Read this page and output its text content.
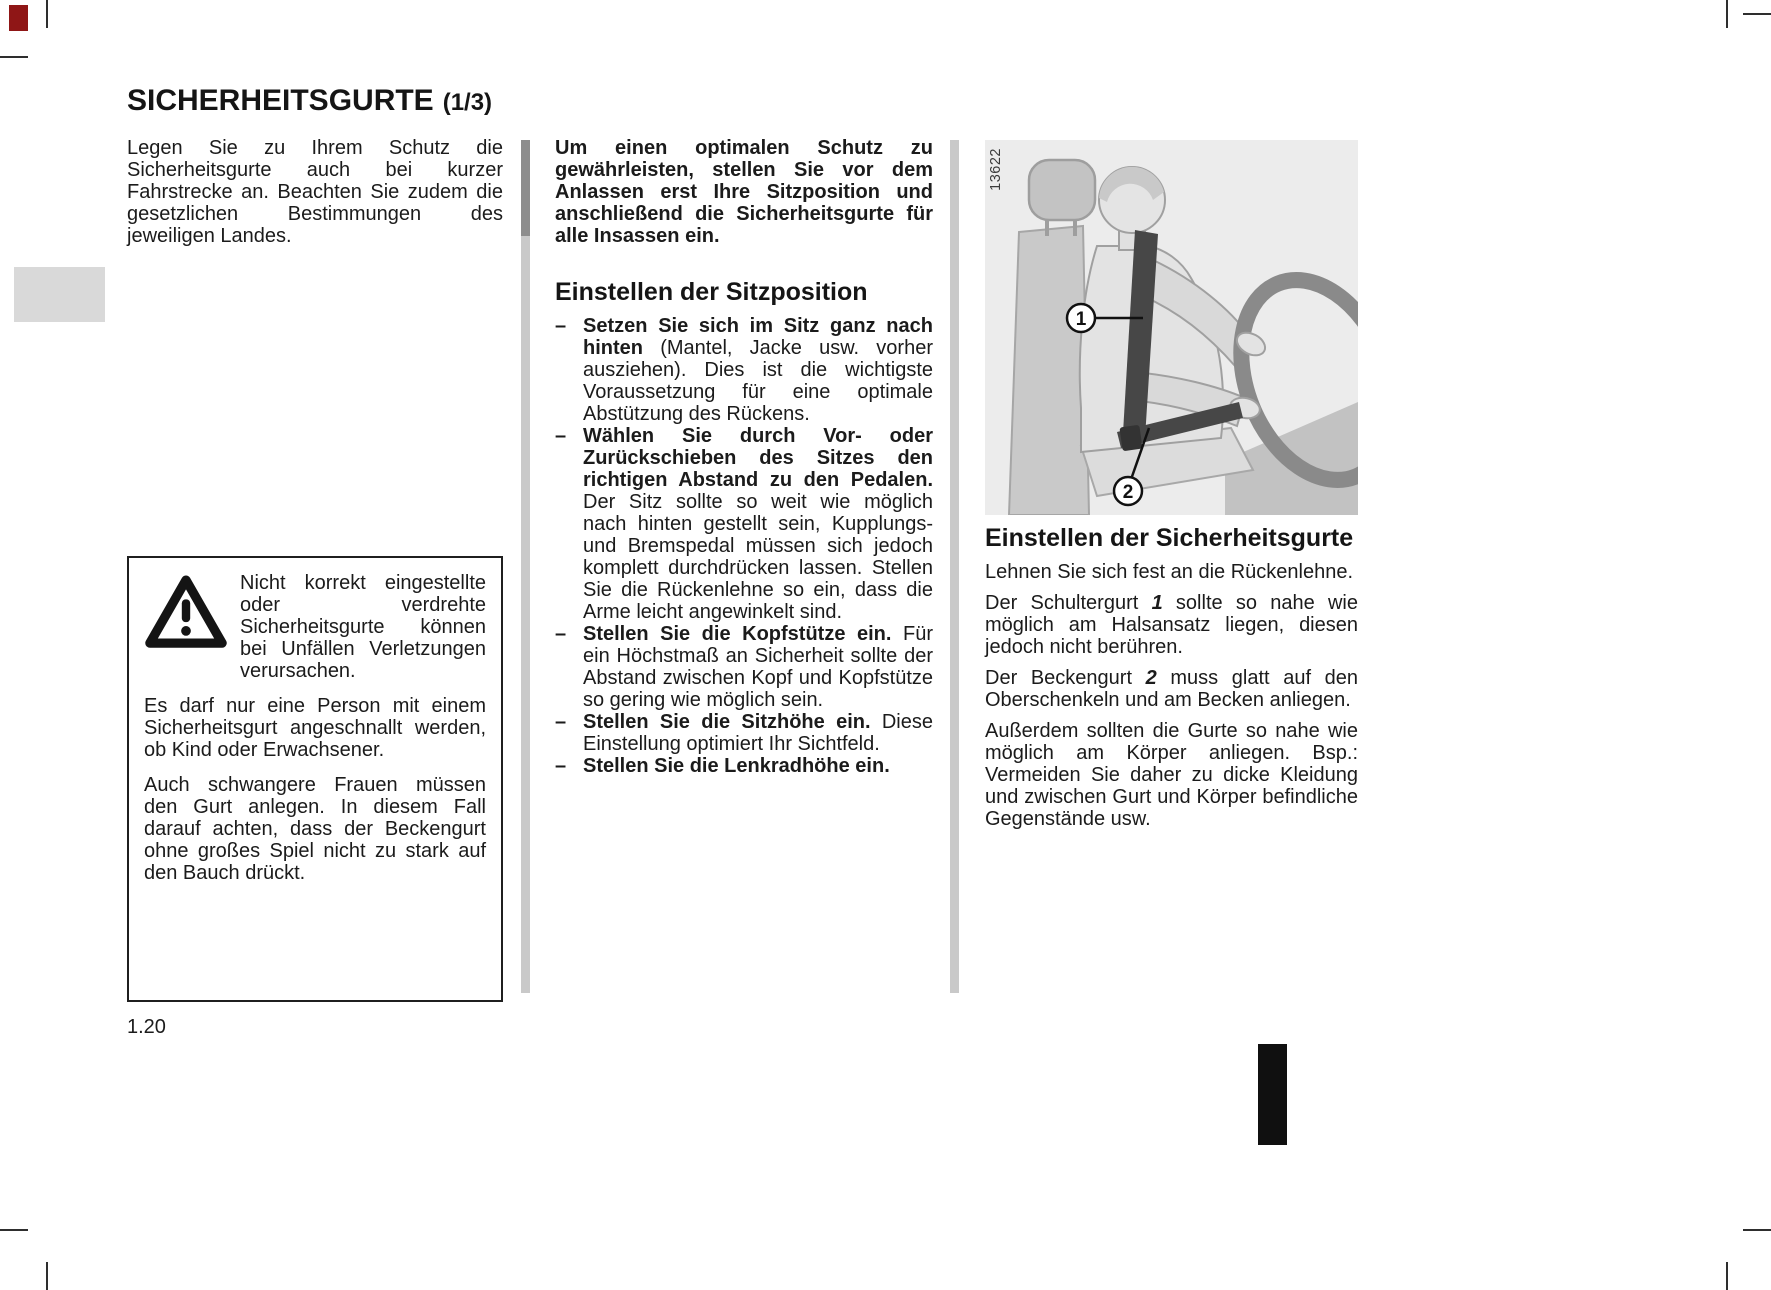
SICHERHEITSGURTE (1/3)

Legen Sie zu Ihrem Schutz die Sicherheitsgurte auch bei kurzer Fahrstrecke an. Beachten Sie zudem die gesetzlichen Bestimmungen des jeweiligen Landes.

Nicht korrekt eingestellte oder verdrehte Sicherheitsgurte können bei Unfällen Verletzungen verursachen.

Es darf nur eine Person mit einem Sicherheitsgurt angeschnallt werden, ob Kind oder Erwachsener.

Auch schwangere Frauen müssen den Gurt anlegen. In diesem Fall darauf achten, dass der Beckengurt ohne großes Spiel nicht zu stark auf den Bauch drückt.

1.20

Um einen optimalen Schutz zu gewährleisten, stellen Sie vor dem Anlassen erst Ihre Sitzposition und anschließend die Sicherheitsgurte für alle Insassen ein.

Einstellen der Sitzposition
– Setzen Sie sich im Sitz ganz nach hinten (Mantel, Jacke usw. vorher ausziehen). Dies ist die wichtigste Voraussetzung für eine optimale Abstützung des Rückens.
– Wählen Sie durch Vor- oder Zurückschieben des Sitzes den richtigen Abstand zu den Pedalen. Der Sitz sollte so weit wie möglich nach hinten gestellt sein, Kupplungs- und Bremspedal müssen sich jedoch komplett durchdrücken lassen. Stellen Sie die Rückenlehne so ein, dass die Arme leicht angewinkelt sind.
– Stellen Sie die Kopfstütze ein. Für ein Höchstmaß an Sicherheit sollte der Abstand zwischen Kopf und Kopfstütze so gering wie möglich sein.
– Stellen Sie die Sitzhöhe ein. Diese Einstellung optimiert Ihr Sichtfeld.
– Stellen Sie die Lenkradhöhe ein.
1
2
13622
Einstellen der Sicherheitsgurte

Lehnen Sie sich fest an die Rückenlehne.

Der Schultergurt 1 sollte so nahe wie möglich am Halsansatz liegen, diesen jedoch nicht berühren.

Der Beckengurt 2 muss glatt auf den Oberschenkeln und am Becken anliegen.

Außerdem sollten die Gurte so nahe wie möglich am Körper anliegen. Bsp.: Vermeiden Sie daher zu dicke Kleidung und zwischen Gurt und Körper befindliche Gegenstände usw.
